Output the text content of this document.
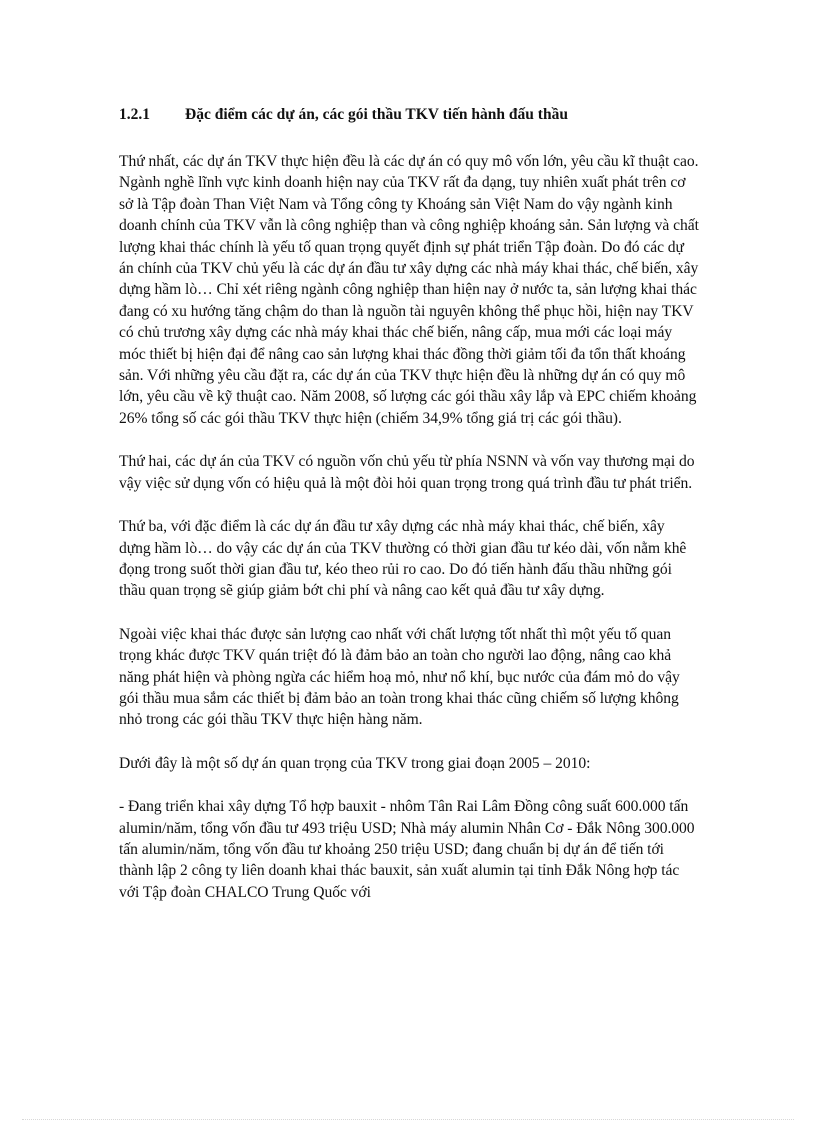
1.2.1	Đặc điểm các dự án, các gói thầu TKV tiến hành đấu thầu

Thứ nhất, các dự án TKV thực hiện đều là các dự án có quy mô vốn lớn, yêu cầu kĩ thuật cao. Ngành nghề lĩnh vực kinh doanh hiện nay của TKV rất đa dạng, tuy nhiên xuất phát trên cơ sở là Tập đoàn Than Việt Nam và Tổng công ty Khoáng sản Việt Nam do vậy ngành kinh doanh chính của TKV vẫn là công nghiệp than và công nghiệp khoáng sản. Sản lượng và chất lượng khai thác chính là yếu tố quan trọng quyết định sự phát triển Tập đoàn. Do đó các dự án chính của TKV chủ yếu là các dự án đầu tư xây dựng các nhà máy khai thác, chế biến, xây dựng hầm lò… Chỉ xét riêng ngành công nghiệp than hiện nay ở nước ta, sản lượng khai thác đang có xu hướng tăng chậm do than là nguồn tài nguyên không thể phục hồi, hiện nay TKV có chủ trương xây dựng các nhà máy khai thác chế biến, nâng cấp, mua mới các loại máy móc thiết bị hiện đại để nâng cao sản lượng khai thác đồng thời giảm tối đa tổn thất khoáng sản. Với những yêu cầu đặt ra, các dự án của TKV thực hiện đều là những dự án có quy mô lớn, yêu cầu về kỹ thuật cao. Năm 2008, số lượng các gói thầu xây lắp và EPC chiếm khoảng 26% tổng số các gói thầu TKV thực hiện (chiếm 34,9% tổng giá trị các gói thầu).

Thứ hai, các dự án của TKV có nguồn vốn chủ yếu từ phía NSNN và vốn vay thương mại do vậy việc sử dụng vốn có hiệu quả là một đòi hỏi quan trọng trong quá trình đầu tư phát triển.

Thứ ba, với đặc điểm là các dự án đầu tư xây dựng các nhà máy khai thác, chế biến, xây dựng hầm lò… do vậy các dự án của TKV thường có thời gian đầu tư kéo dài, vốn nằm khê đọng trong suốt thời gian đầu tư, kéo theo rủi ro cao. Do đó tiến hành đấu thầu những gói thầu quan trọng sẽ giúp giảm bớt chi phí và nâng cao kết quả đầu tư xây dựng.

Ngoài việc khai thác được sản lượng cao nhất với chất lượng tốt nhất thì một yếu tố quan trọng khác được TKV quán triệt đó là đảm bảo an toàn cho người lao động, nâng cao khả năng phát hiện và phòng ngừa các hiểm hoạ mỏ, như nổ khí, bục nước của đám mỏ do vậy gói thầu mua sắm các thiết bị đảm bảo an toàn trong khai thác cũng chiếm số lượng không nhỏ trong các gói thầu TKV thực hiện hàng năm.

Dưới đây là một số dự án quan trọng của TKV trong giai đoạn 2005 – 2010:

- Đang triển khai xây dựng Tổ hợp bauxit - nhôm Tân Rai Lâm Đồng công suất 600.000 tấn alumin/năm, tổng vốn đầu tư 493 triệu USD; Nhà máy alumin Nhân Cơ - Đắk Nông 300.000 tấn alumin/năm, tổng vốn đầu tư khoảng 250 triệu USD; đang chuẩn bị dự án để tiến tới thành lập 2 công ty liên doanh khai thác bauxit, sản xuất alumin tại tỉnh Đắk Nông hợp tác với Tập đoàn CHALCO Trung Quốc với
